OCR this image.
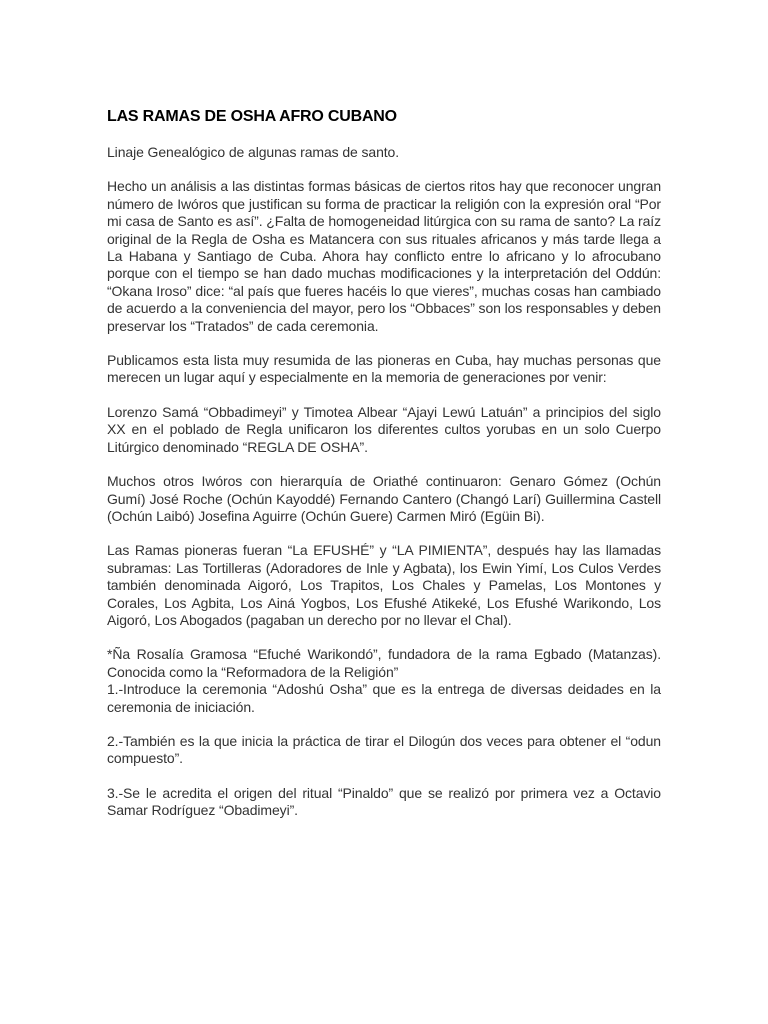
LAS RAMAS DE OSHA AFRO CUBANO

Linaje Genealógico de algunas ramas de santo.

Hecho un análisis a las distintas formas básicas de ciertos ritos hay que reconocer ungran número de Iwóros que justifican su forma de practicar la religión con la expresión oral “Por mi casa de Santo es así”. ¿Falta de homogeneidad litúrgica con su rama de santo? La raíz original de la Regla de Osha es Matancera con sus rituales africanos y más tarde llega a La Habana y Santiago de Cuba. Ahora hay conflicto entre lo africano y lo afrocubano porque con el tiempo se han dado muchas modificaciones y la interpretación del Oddún: “Okana Iroso” dice: “al país que fueres hacéis lo que vieres”, muchas cosas han cambiado de acuerdo a la conveniencia del mayor, pero los “Obbaces” son los responsables y deben preservar los “Tratados” de cada ceremonia.

Publicamos esta lista muy resumida de las pioneras en Cuba, hay muchas personas que merecen un lugar aquí y especialmente en la memoria de generaciones por venir:

Lorenzo Samá “Obbadimeyi” y Timotea Albear “Ajayi Lewú Latuán” a principios del siglo XX en el poblado de Regla unificaron los diferentes cultos yorubas en un solo Cuerpo Litúrgico denominado “REGLA DE OSHA”.

Muchos otros Iwóros con hierarquía de Oriathé continuaron: Genaro Gómez (Ochún Gumí) José Roche (Ochún Kayoddé) Fernando Cantero (Changó Larí) Guillermina Castell (Ochún Laibó) Josefina Aguirre (Ochún Guere) Carmen Miró (Egüin Bi).

Las Ramas pioneras fueran “La EFUSHÉ” y “LA PIMIENTA”, después hay las llamadas subramas: Las Tortilleras (Adoradores de Inle y Agbata), los Ewin Yimí, Los Culos Verdes también denominada Aigoró, Los Trapitos, Los Chales y Pamelas, Los Montones y Corales, Los Agbita, Los Ainá Yogbos, Los Efushé Atikeké, Los Efushé Warikondo, Los Aigoró, Los Abogados (pagaban un derecho por no llevar el Chal).

*Ña Rosalía Gramosa “Efuché Warikondó”, fundadora de la rama Egbado (Matanzas). Conocida como la “Reformadora de la Religión”
1.-Introduce la ceremonia “Adoshú Osha” que es la entrega de diversas deidades en la ceremonia de iniciación.

2.-También es la que inicia la práctica de tirar el Dilogún dos veces para obtener el “odun compuesto”.

3.-Se le acredita el origen del ritual “Pinaldo” que se realizó por primera vez a Octavio Samar Rodríguez “Obadimeyi”.
